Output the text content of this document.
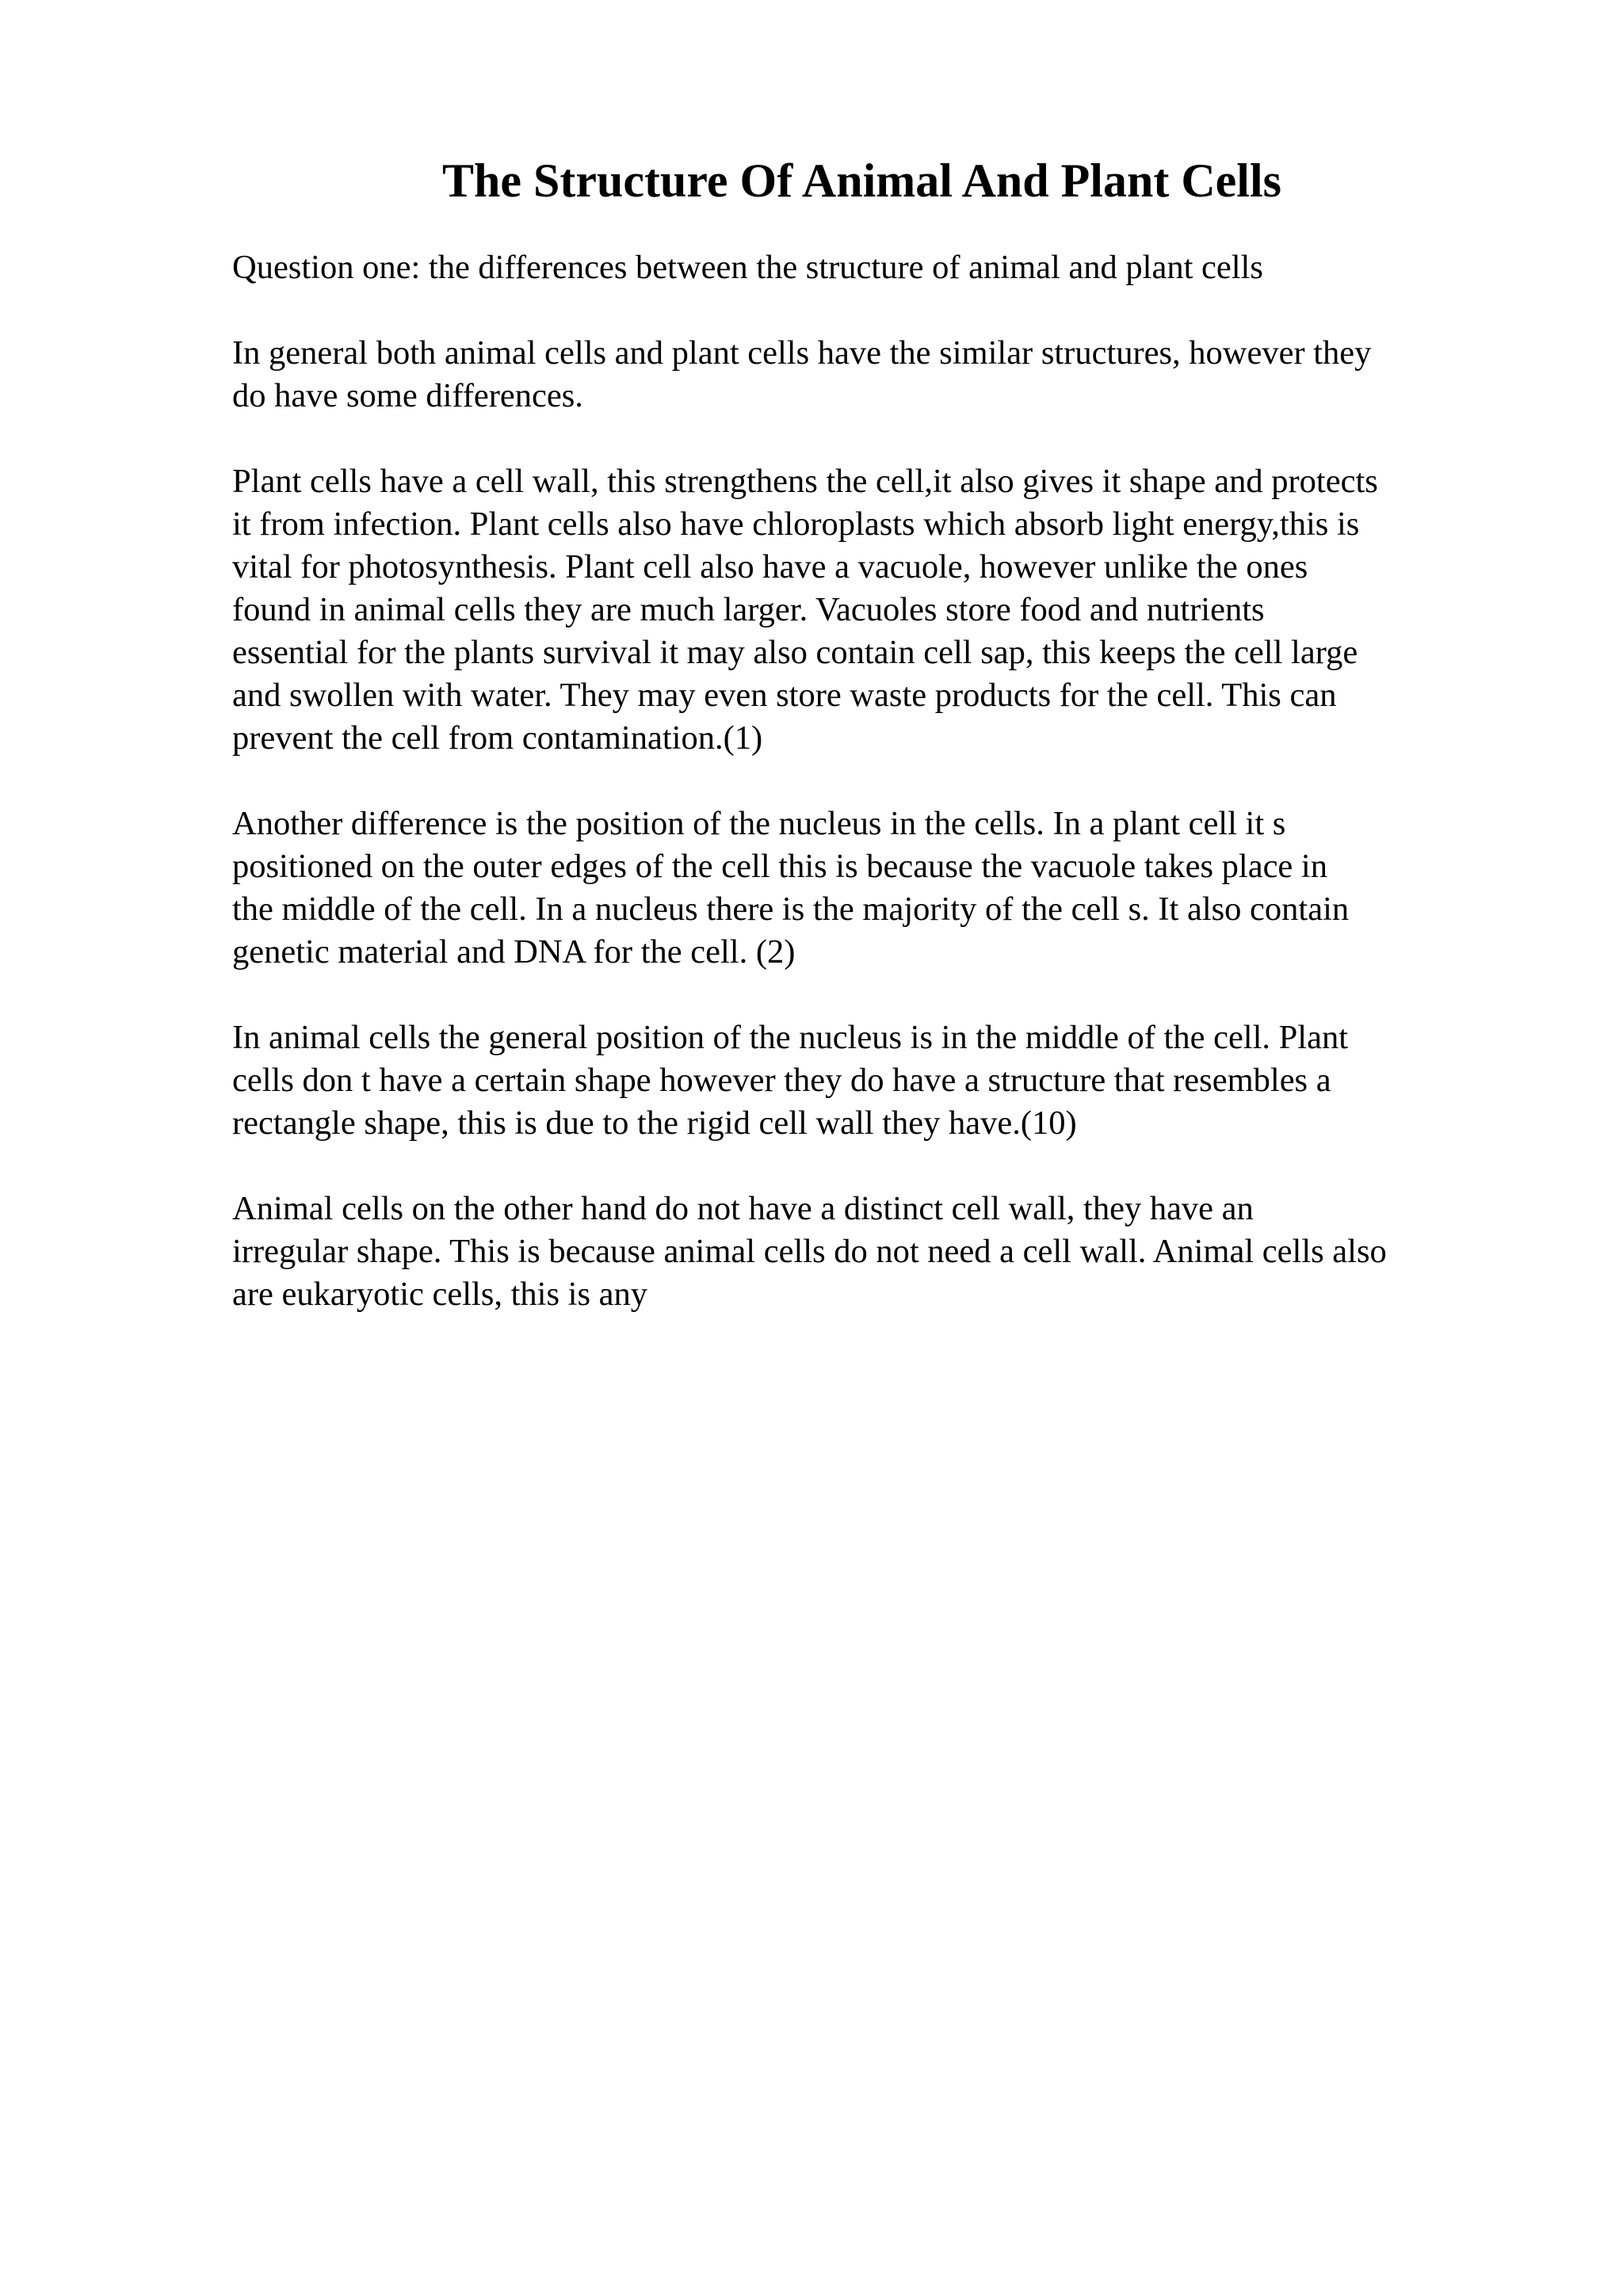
The Structure Of Animal And Plant Cells

Question one: the differences between the structure of animal and plant cells

In general both animal cells and plant cells have the similar structures, however they
do have some differences.

Plant cells have a cell wall, this strengthens the cell,it also gives it shape and protects
it from infection. Plant cells also have chloroplasts which absorb light energy,this is
vital for photosynthesis. Plant cell also have a vacuole, however unlike the ones
found in animal cells they are much larger. Vacuoles store food and nutrients
essential for the plants survival it may also contain cell sap, this keeps the cell large
and swollen with water. They may even store waste products for the cell. This can
prevent the cell from contamination.(1)

Another difference is the position of the nucleus in the cells. In a plant cell it s
positioned on the outer edges of the cell this is because the vacuole takes place in
the middle of the cell. In a nucleus there is the majority of the cell s. It also contain
genetic material and DNA for the cell. (2)

In animal cells the general position of the nucleus is in the middle of the cell. Plant
cells don t have a certain shape however they do have a structure that resembles a
rectangle shape, this is due to the rigid cell wall they have.(10)

Animal cells on the other hand do not have a distinct cell wall, they have an
irregular shape. This is because animal cells do not need a cell wall. Animal cells also
are eukaryotic cells, this is any
